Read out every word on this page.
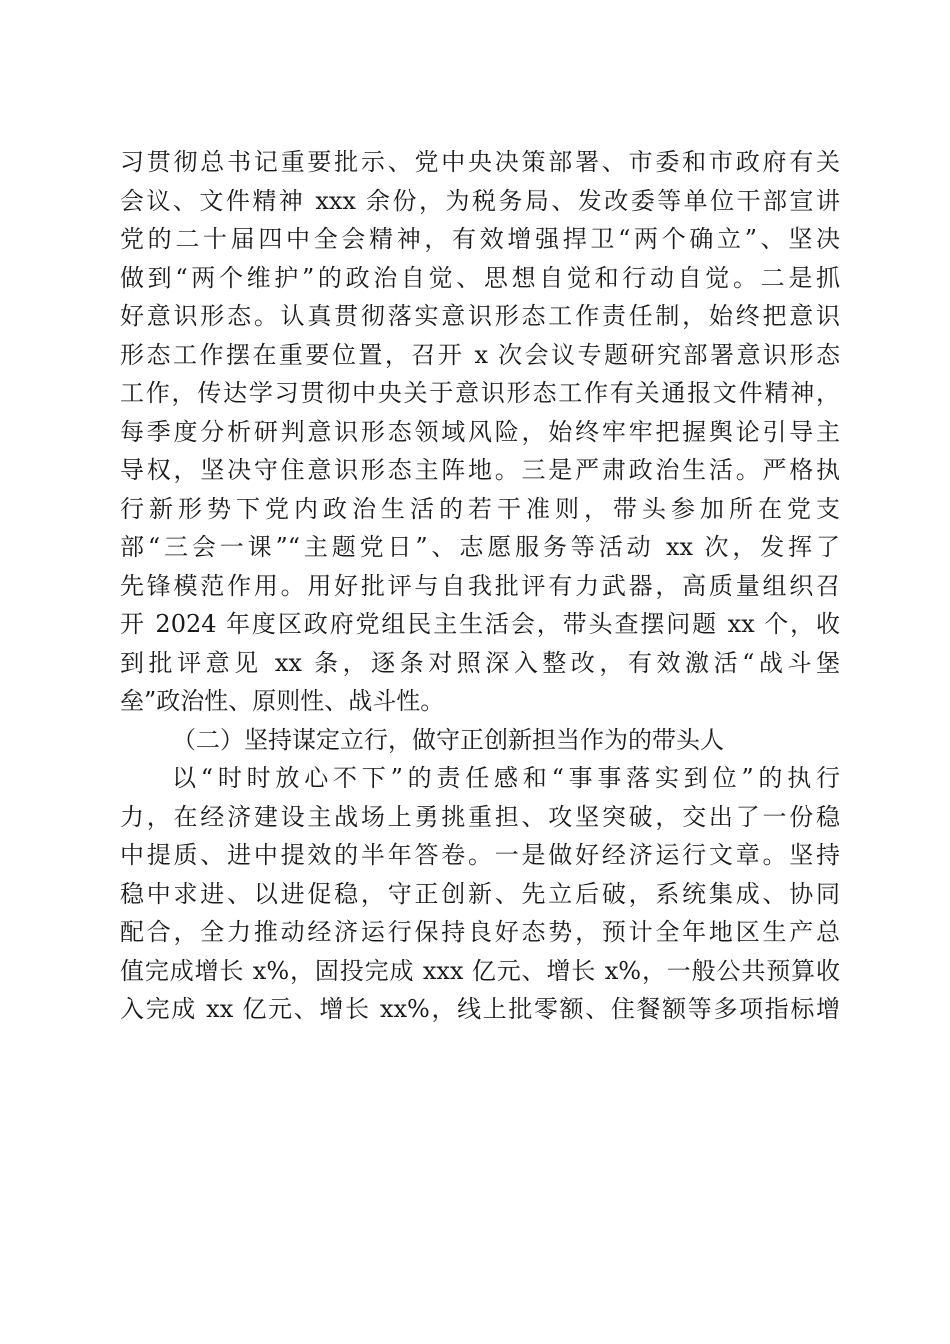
习贯彻总书记重要批示、党中央决策部署、市委和市政府有关
会议、文件精神 xxx 余份，为税务局、发改委等单位干部宣讲
党的二十届四中全会精神，有效增强捍卫“两个确立”、坚决
做到“两个维护”的政治自觉、思想自觉和行动自觉。二是抓
好意识形态。认真贯彻落实意识形态工作责任制，始终把意识
形态工作摆在重要位置，召开 x 次会议专题研究部署意识形态
工作，传达学习贯彻中央关于意识形态工作有关通报文件精神，
每季度分析研判意识形态领域风险，始终牢牢把握舆论引导主
导权，坚决守住意识形态主阵地。三是严肃政治生活。严格执
行新形势下党内政治生活的若干准则，带头参加所在党支
部“三会一课”“主题党日”、志愿服务等活动 xx 次，发挥了
先锋模范作用。用好批评与自我批评有力武器，高质量组织召
开 2024 年度区政府党组民主生活会，带头查摆问题 xx 个，收
到批评意见 xx 条，逐条对照深入整改，有效激活“战斗堡
垒”政治性、原则性、战斗性。
（二）坚持谋定立行，做守正创新担当作为的带头人
以“时时放心不下”的责任感和“事事落实到位”的执行
力，在经济建设主战场上勇挑重担、攻坚突破，交出了一份稳
中提质、进中提效的半年答卷。一是做好经济运行文章。坚持
稳中求进、以进促稳，守正创新、先立后破，系统集成、协同
配合，全力推动经济运行保持良好态势，预计全年地区生产总
值完成增长 x%，固投完成 xxx 亿元、增长 x%，一般公共预算收
入完成 xx 亿元、增长 xx%，线上批零额、住餐额等多项指标增
